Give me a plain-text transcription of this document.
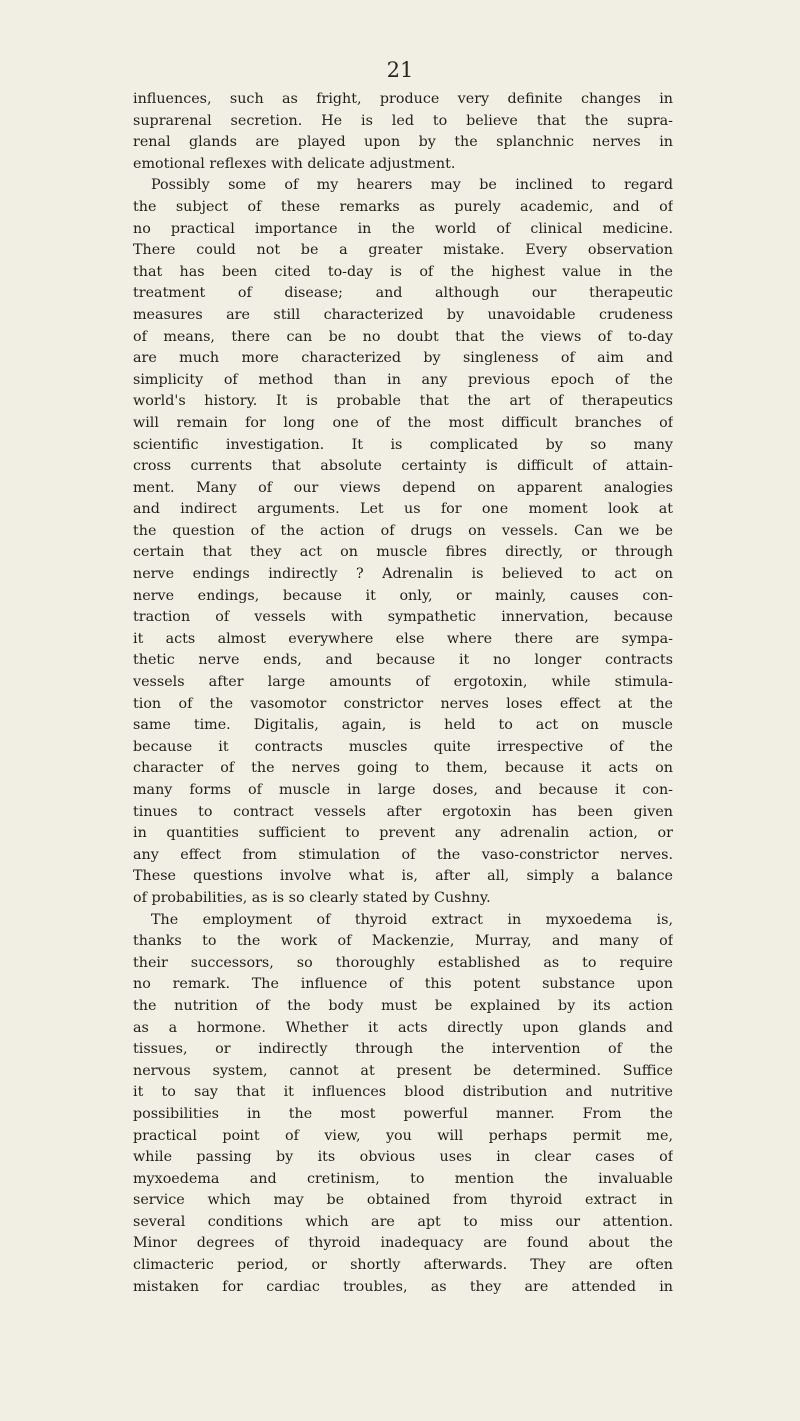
21
influences, such as fright, produce very definite changes in
suprarenal secretion. He is led to believe that the supra-
renal glands are played upon by the splanchnic nerves in
emotional reflexes with delicate adjustment.
Possibly some of my hearers may be inclined to regard
the subject of these remarks as purely academic, and of
no practical importance in the world of clinical medicine.
There could not be a greater mistake. Every observation
that has been cited to-day is of the highest value in the
treatment of disease; and although our therapeutic
measures are still characterized by unavoidable crudeness
of means, there can be no doubt that the views of to-day
are much more characterized by singleness of aim and
simplicity of method than in any previous epoch of the
world's history. It is probable that the art of therapeutics
will remain for long one of the most difficult branches of
scientific investigation. It is complicated by so many
cross currents that absolute certainty is difficult of attain-
ment. Many of our views depend on apparent analogies
and indirect arguments. Let us for one moment look at
the question of the action of drugs on vessels. Can we be
certain that they act on muscle fibres directly, or through
nerve endings indirectly ? Adrenalin is believed to act on
nerve endings, because it only, or mainly, causes con-
traction of vessels with sympathetic innervation, because
it acts almost everywhere else where there are sympa-
thetic nerve ends, and because it no longer contracts
vessels after large amounts of ergotoxin, while stimula-
tion of the vasomotor constrictor nerves loses effect at the
same time. Digitalis, again, is held to act on muscle
because it contracts muscles quite irrespective of the
character of the nerves going to them, because it acts on
many forms of muscle in large doses, and because it con-
tinues to contract vessels after ergotoxin has been given
in quantities sufficient to prevent any adrenalin action, or
any effect from stimulation of the vaso-constrictor nerves.
These questions involve what is, after all, simply a balance
of probabilities, as is so clearly stated by Cushny.
The employment of thyroid extract in myxoedema is,
thanks to the work of Mackenzie, Murray, and many of
their successors, so thoroughly established as to require
no remark. The influence of this potent substance upon
the nutrition of the body must be explained by its action
as a hormone. Whether it acts directly upon glands and
tissues, or indirectly through the intervention of the
nervous system, cannot at present be determined. Suffice
it to say that it influences blood distribution and nutritive
possibilities in the most powerful manner. From the
practical point of view, you will perhaps permit me,
while passing by its obvious uses in clear cases of
myxoedema and cretinism, to mention the invaluable
service which may be obtained from thyroid extract in
several conditions which are apt to miss our attention.
Minor degrees of thyroid inadequacy are found about the
climacteric period, or shortly afterwards. They are often
mistaken for cardiac troubles, as they are attended in
